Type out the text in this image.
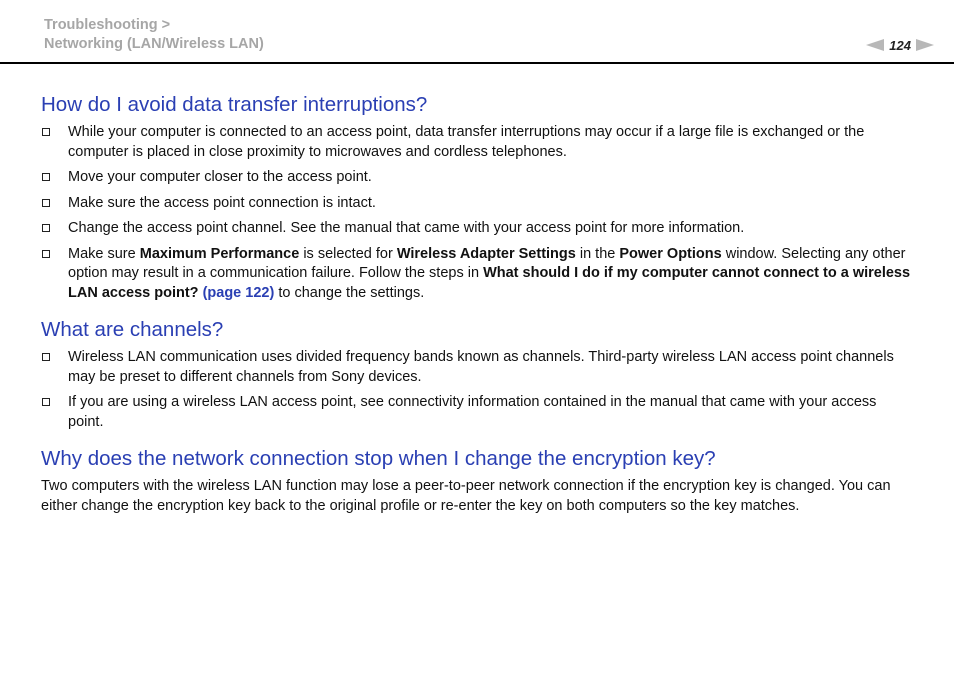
Troubleshooting >
Networking (LAN/Wireless LAN)	124
How do I avoid data transfer interruptions?
While your computer is connected to an access point, data transfer interruptions may occur if a large file is exchanged or the computer is placed in close proximity to microwaves and cordless telephones.
Move your computer closer to the access point.
Make sure the access point connection is intact.
Change the access point channel. See the manual that came with your access point for more information.
Make sure Maximum Performance is selected for Wireless Adapter Settings in the Power Options window. Selecting any other option may result in a communication failure. Follow the steps in What should I do if my computer cannot connect to a wireless LAN access point? (page 122) to change the settings.
What are channels?
Wireless LAN communication uses divided frequency bands known as channels. Third-party wireless LAN access point channels may be preset to different channels from Sony devices.
If you are using a wireless LAN access point, see connectivity information contained in the manual that came with your access point.
Why does the network connection stop when I change the encryption key?

Two computers with the wireless LAN function may lose a peer-to-peer network connection if the encryption key is changed. You can either change the encryption key back to the original profile or re-enter the key on both computers so the key matches.
